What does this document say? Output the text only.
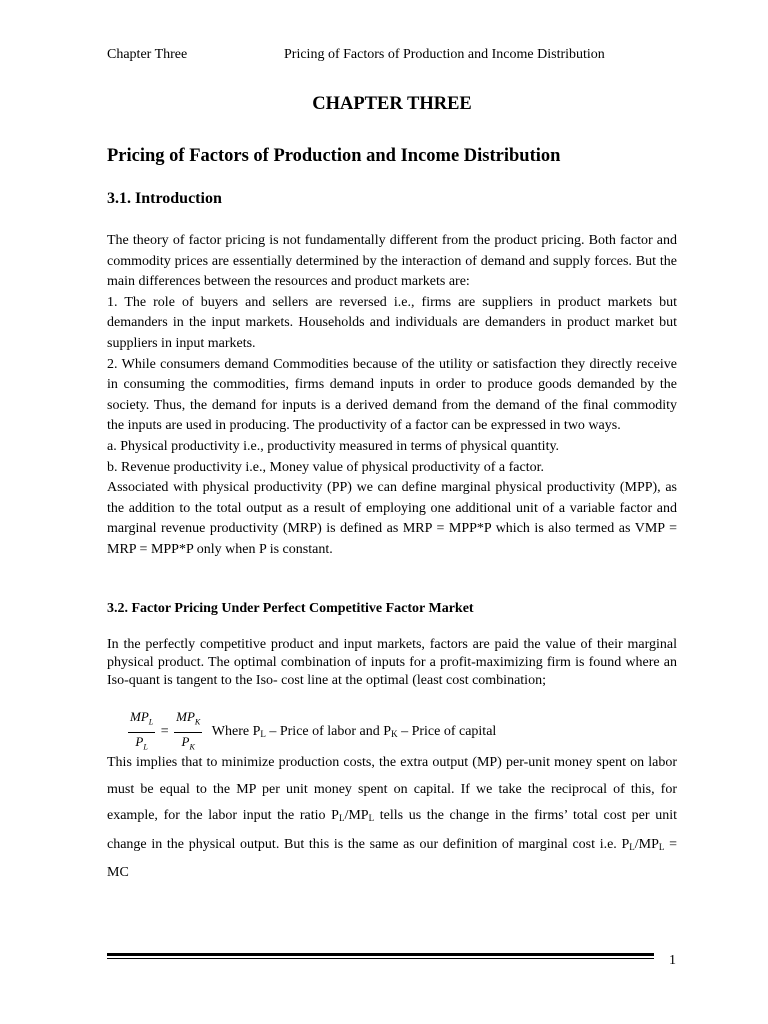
Chapter Three	Pricing of Factors of Production and Income Distribution
CHAPTER THREE
Pricing of Factors of Production and Income Distribution
3.1. Introduction

The theory of factor pricing is not fundamentally different from the product pricing. Both factor and commodity prices are essentially determined by the interaction of demand and supply forces. But the main differences between the resources and product markets are:

1. The role of buyers and sellers are reversed i.e., firms are suppliers in product markets but demanders in the input markets. Households and individuals are demanders in product market but suppliers in input markets.

2. While consumers demand Commodities because of the utility or satisfaction they directly receive in consuming the commodities, firms demand inputs in order to produce goods demanded by the society. Thus, the demand for inputs is a derived demand from the demand of the final commodity the inputs are used in producing. The productivity of a factor can be expressed in two ways.

a. Physical productivity i.e., productivity measured in terms of physical quantity.

b. Revenue productivity i.e., Money value of physical productivity of a factor.

Associated with physical productivity (PP) we can define marginal physical productivity (MPP), as the addition to the total output as a result of employing one additional unit of a variable factor and marginal revenue productivity (MRP) is defined as MRP = MPP*P which is also termed as VMP = MRP = MPP*P only when P is constant.

3.2. Factor Pricing Under Perfect Competitive Factor Market
In the perfectly competitive product and input markets, factors are paid the value of their marginal physical product. The optimal combination of inputs for a profit-maximizing firm is found where an Iso-quant is tangent to the Iso- cost line at the optimal (least cost combination;
$\frac{MP_L}{P_L} = \frac{MP_K}{P_K}$ Where $P_L$ – Price of labor and $P_K$ – Price of capital

This implies that to minimize production costs, the extra output (MP) per-unit money spent on labor must be equal to the MP per unit money spent on capital. If we take the reciprocal of this, for example, for the labor input the ratio $P_L/MP_L$ tells us the change in the firms’ total cost per unit change in the physical output. But this is the same as our definition of marginal cost i.e. $P_L/MP_L$ = MC

1
